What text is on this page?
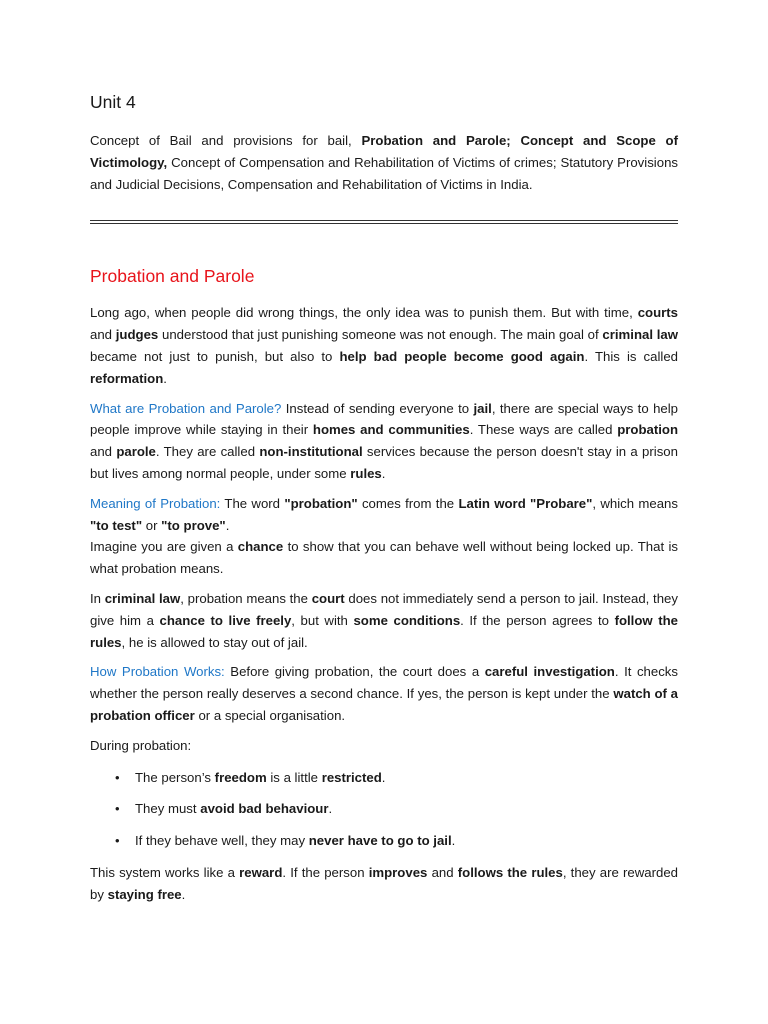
Unit 4

Concept of Bail and provisions for bail, Probation and Parole; Concept and Scope of Victimology, Concept of Compensation and Rehabilitation of Victims of crimes; Statutory Provisions and Judicial Decisions, Compensation and Rehabilitation of Victims in India.

Probation and Parole

Long ago, when people did wrong things, the only idea was to punish them. But with time, courts and judges understood that just punishing someone was not enough. The main goal of criminal law became not just to punish, but also to help bad people become good again. This is called reformation.

What are Probation and Parole? Instead of sending everyone to jail, there are special ways to help people improve while staying in their homes and communities. These ways are called probation and parole. They are called non-institutional services because the person doesn't stay in a prison but lives among normal people, under some rules.

Meaning of Probation: The word "probation" comes from the Latin word "Probare", which means "to test" or "to prove".
Imagine you are given a chance to show that you can behave well without being locked up. That is what probation means.

In criminal law, probation means the court does not immediately send a person to jail. Instead, they give him a chance to live freely, but with some conditions. If the person agrees to follow the rules, he is allowed to stay out of jail.

How Probation Works: Before giving probation, the court does a careful investigation. It checks whether the person really deserves a second chance. If yes, the person is kept under the watch of a probation officer or a special organisation.

During probation:

• The person’s freedom is a little restricted.
• They must avoid bad behaviour.
• If they behave well, they may never have to go to jail.

This system works like a reward. If the person improves and follows the rules, they are rewarded by staying free.
